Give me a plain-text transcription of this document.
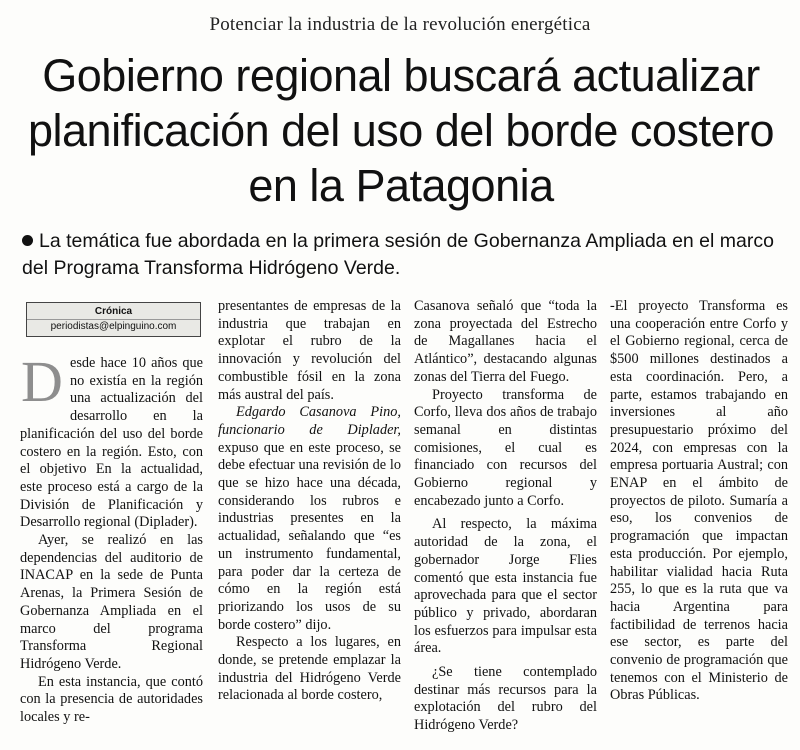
Potenciar la industria de la revolución energética
Gobierno regional buscará actualizar planificación del uso del borde costero en la Patagonia

La temática fue abordada en la primera sesión de Gobernanza Ampliada en el marco del Programa Transforma Hidrógeno Verde.

Crónica
periodistas@elpinguino.com

Desde hace 10 años que no existía en la región una actualización del desarrollo en la planificación del uso del borde costero en la región. Esto, con el objetivo En la actualidad, este proceso está a cargo de la División de Planificación y Desarrollo regional (Diplader).

Ayer, se realizó en las dependencias del auditorio de INACAP en la sede de Punta Arenas, la Primera Sesión de Gobernanza Ampliada en el marco del programa Transforma Regional Hidrógeno Verde.

En esta instancia, que contó con la presencia de autoridades locales y re-

presentantes de empresas de la industria que trabajan en explotar el rubro de la innovación y revolución del combustible fósil en la zona más austral del país.

Edgardo Casanova Pino, funcionario de Diplader, expuso que en este proceso, se debe efectuar una revisión de lo que se hizo hace una década, considerando los rubros e industrias presentes en la actualidad, señalando que “es un instrumento fundamental, para poder dar la certeza de cómo en la región está priorizando los usos de su borde costero” dijo.

Respecto a los lugares, en donde, se pretende emplazar la industria del Hidrógeno Verde relacionada al borde costero,

Casanova señaló que “toda la zona proyectada del Estrecho de Magallanes hacia el Atlántico”, destacando algunas zonas del Tierra del Fuego.

Proyecto transforma de Corfo, lleva dos años de trabajo semanal en distintas comisiones, el cual es financiado con recursos del Gobierno regional y encabezado junto a Corfo.

Al respecto, la máxima autoridad de la zona, el gobernador Jorge Flies comentó que esta instancia fue aprovechada para que el sector público y privado, abordaran los esfuerzos para impulsar esta área.

¿Se tiene contemplado destinar más recursos para la explotación del rubro del Hidrógeno Verde?

-El proyecto Transforma es una cooperación entre Corfo y el Gobierno regional, cerca de $500 millones destinados a esta coordinación. Pero, a parte, estamos trabajando en inversiones al año presupuestario próximo del 2024, con empresas con la empresa portuaria Austral; con ENAP en el ámbito de proyectos de piloto. Sumaría a eso, los convenios de programación que impactan esta producción. Por ejemplo, habilitar vialidad hacia Ruta 255, lo que es la ruta que va hacia Argentina para factibilidad de terrenos hacia ese sector, es parte del convenio de programación que tenemos con el Ministerio de Obras Públicas.
